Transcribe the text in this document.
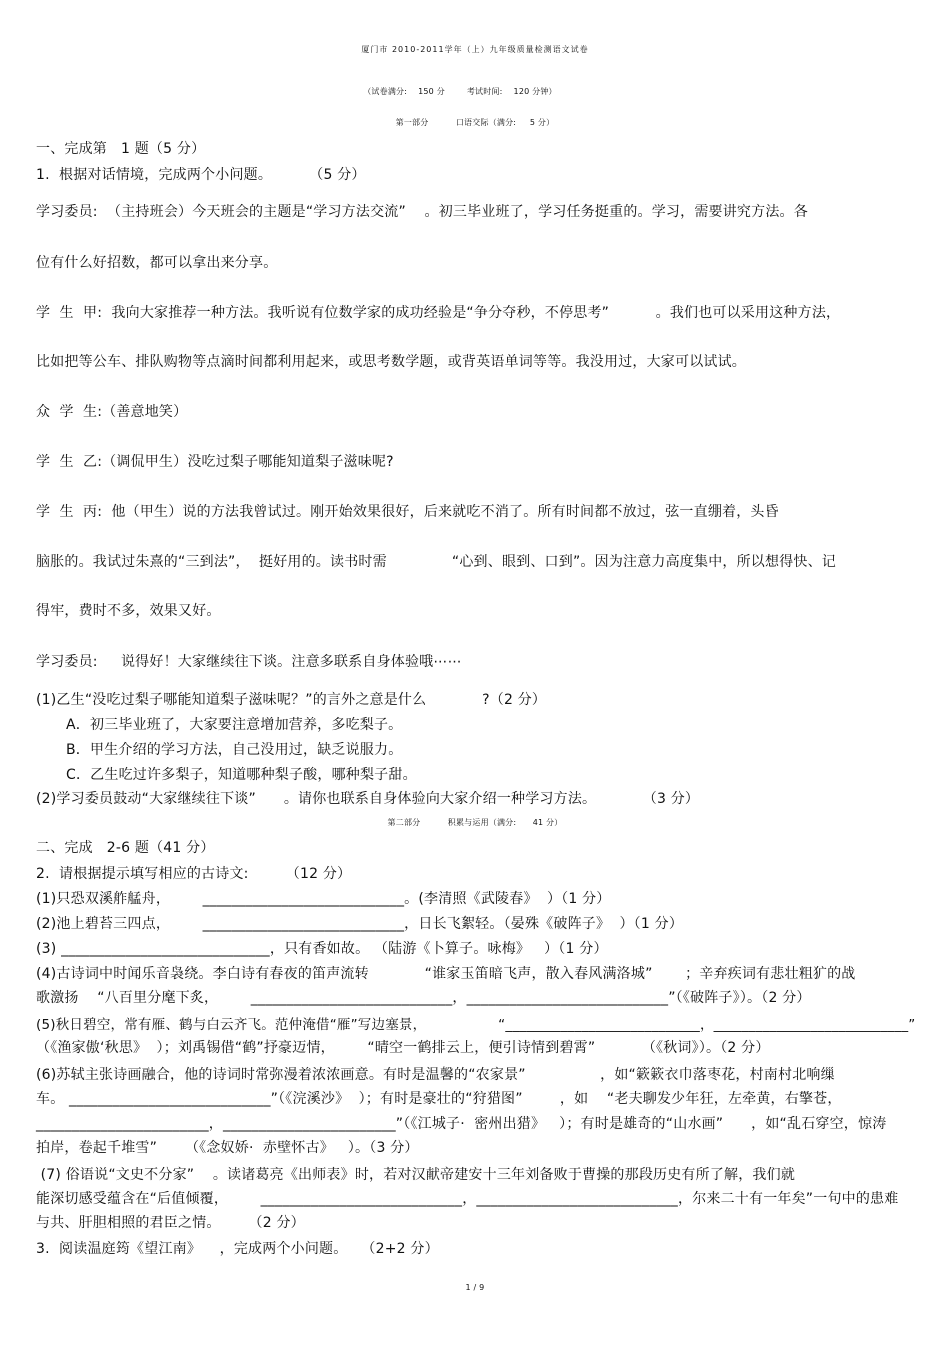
厦门市 2010-2011学年（上）九年级质量检测语文试卷
（试卷满分:    150 分        考试时间:    120 分钟）
第一部分          口语交际（满分:     5 分）
一、完成第   1 题（5 分）
1.  根据对话情境，完成两个小问题。        （5 分）
学习委员:  （主持班会）今天班会的主题是“学习方法交流”    。初三毕业班了，学习任务挺重的。学习，需要讲究方法。各
位有什么好招数，都可以拿出来分享。
学  生  甲:  我向大家推荐一种方法。我听说有位数学家的成功经验是“争分夺秒，不停思考”          。我们也可以采用这种方法，
比如把等公车、排队购物等点滴时间都利用起来，或思考数学题，或背英语单词等等。我没用过，大家可以试试。
众  学  生:（善意地笑）
学  生  乙:（调侃甲生）没吃过梨子哪能知道梨子滋味呢?
学  生  丙:  他（甲生）说的方法我曾试过。刚开始效果很好，后来就吃不消了。所有时间都不放过，弦一直绷着，头昏
脑胀的。我试过朱熹的“三到法”，  挺好用的。读书时需              “心到、眼到、口到”。因为注意力高度集中，所以想得快、记
得牢，费时不多，效果又好。
学习委员:     说得好！大家继续往下谈。注意多联系自身体验哦⋯⋯
(1)乙生“没吃过梨子哪能知道梨子滋味呢？”的言外之意是什么            ?（2 分）
A．初三毕业班了，大家要注意增加营养，多吃梨子。
B．甲生介绍的学习方法，自己没用过，缺乏说服力。
C．乙生吃过许多梨子，知道哪种梨子酸，哪种梨子甜。
(2)学习委员鼓动“大家继续往下谈”      。请你也联系自身体验向大家介绍一种学习方法。          （3 分）
第二部分          积累与运用（满分:      41 分）
二、完成   2-6 题（41 分）
2.  请根据提示填写相应的古诗文:        （12 分）
(1)只恐双溪舴艋舟，       ____________________________。(李清照《武陵春》  ）（1 分）
(2)池上碧苔三四点，       ____________________________，日长飞絮轻。（晏殊《破阵子》  ）（1 分）
(3) _____________________________，只有香如故。 （陆游《卜算子。咏梅》   ）（1 分）
(4)古诗词中时闻乐音袅绕。李白诗有春夜的笛声流转            “谁家玉笛暗飞声，散入春风满洛城”       ；辛弃疾词有悲壮粗犷的战
歌激扬    “八百里分麾下炙，       ____________________________，____________________________”（《破阵子》）。（2 分）
(5)秋日碧空，常有雁、鹤与白云齐飞。范仲淹借“雁”写边塞景，                “____________________________，____________________________”
（《渔家傲‘秋思》  ）；刘禹锡借“鹤”抒豪迈情，       “晴空一鹤排云上，便引诗情到碧霄”          （《秋词》）。（2 分）
(6)苏轼主张诗画融合，他的诗词时常弥漫着浓浓画意。有时是温馨的“农家景”                ，如“簌簌衣巾落枣花，村南村北响缫
车。 ____________________________”（《浣溪沙》  ）；有时是豪壮的“狩猎图”        ，如    “老夫聊发少年狂，左牵黄，右擎苍，
________________________，________________________”（《江城子·  密州出猎》   ）；有时是雄奇的“山水画”      ，如“乱石穿空，惊涛
拍岸，卷起千堆雪”      （《念奴娇·  赤壁怀古》   ）。（3 分）
(7) 俗语说“文史不分家”    。读诸葛亮《出师表》时，若对汉献帝建安十三年刘备败于曹操的那段历史有所了解，我们就
能深切感受蕴含在“后值倾覆，       ____________________________，____________________________，尔来二十有一年矣”一句中的患难
与共、肝胆相照的君臣之情。      （2 分）
3.  阅读温庭筠《望江南》    ，完成两个小问题。   （2+2 分）
1 / 9
